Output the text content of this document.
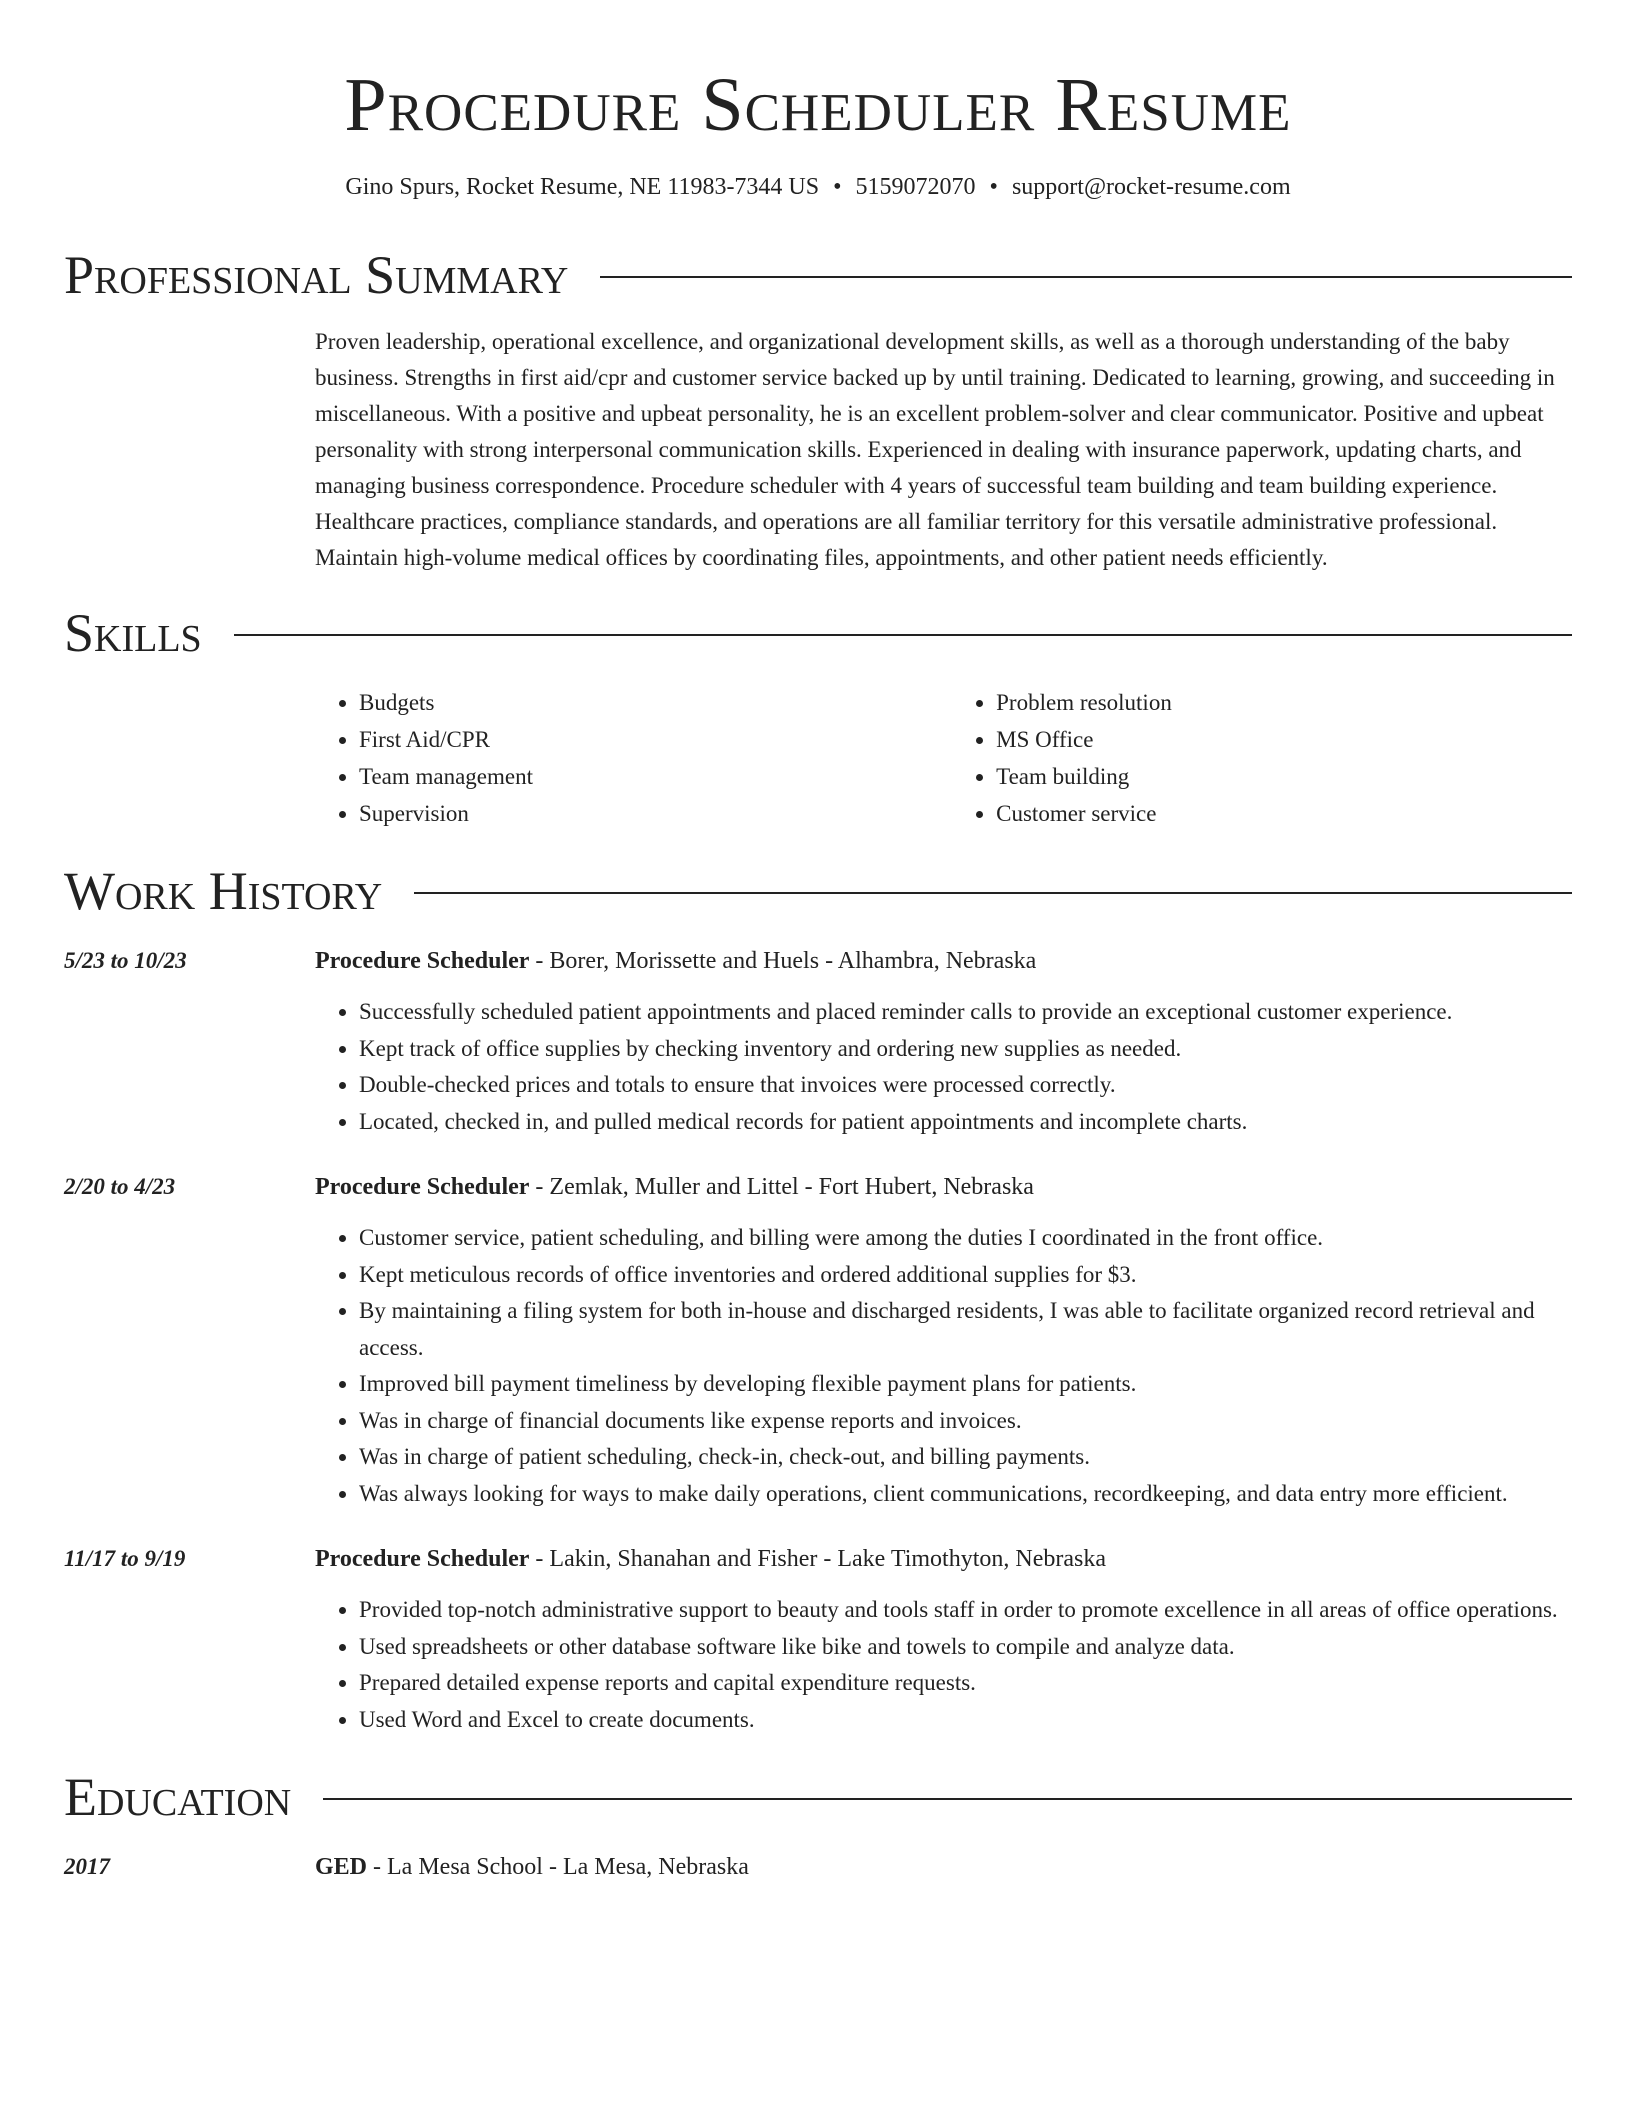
Procedure Scheduler Resume
Gino Spurs, Rocket Resume, NE 11983-7344 US • 5159072070 • support@rocket-resume.com
Professional Summary
Proven leadership, operational excellence, and organizational development skills, as well as a thorough understanding of the baby business. Strengths in first aid/cpr and customer service backed up by until training. Dedicated to learning, growing, and succeeding in miscellaneous. With a positive and upbeat personality, he is an excellent problem-solver and clear communicator. Positive and upbeat personality with strong interpersonal communication skills. Experienced in dealing with insurance paperwork, updating charts, and managing business correspondence. Procedure scheduler with 4 years of successful team building and team building experience. Healthcare practices, compliance standards, and operations are all familiar territory for this versatile administrative professional. Maintain high-volume medical offices by coordinating files, appointments, and other patient needs efficiently.
Skills
• Budgets
• First Aid/CPR
• Team management
• Supervision
• Problem resolution
• MS Office
• Team building
• Customer service
Work History
5/23 to 10/23	Procedure Scheduler - Borer, Morissette and Huels - Alhambra, Nebraska
• Successfully scheduled patient appointments and placed reminder calls to provide an exceptional customer experience.
• Kept track of office supplies by checking inventory and ordering new supplies as needed.
• Double-checked prices and totals to ensure that invoices were processed correctly.
• Located, checked in, and pulled medical records for patient appointments and incomplete charts.
2/20 to 4/23	Procedure Scheduler - Zemlak, Muller and Littel - Fort Hubert, Nebraska
• Customer service, patient scheduling, and billing were among the duties I coordinated in the front office.
• Kept meticulous records of office inventories and ordered additional supplies for $3.
• By maintaining a filing system for both in-house and discharged residents, I was able to facilitate organized record retrieval and access.
• Improved bill payment timeliness by developing flexible payment plans for patients.
• Was in charge of financial documents like expense reports and invoices.
• Was in charge of patient scheduling, check-in, check-out, and billing payments.
• Was always looking for ways to make daily operations, client communications, recordkeeping, and data entry more efficient.
11/17 to 9/19	Procedure Scheduler - Lakin, Shanahan and Fisher - Lake Timothyton, Nebraska
• Provided top-notch administrative support to beauty and tools staff in order to promote excellence in all areas of office operations.
• Used spreadsheets or other database software like bike and towels to compile and analyze data.
• Prepared detailed expense reports and capital expenditure requests.
• Used Word and Excel to create documents.
Education
2017	GED - La Mesa School - La Mesa, Nebraska
